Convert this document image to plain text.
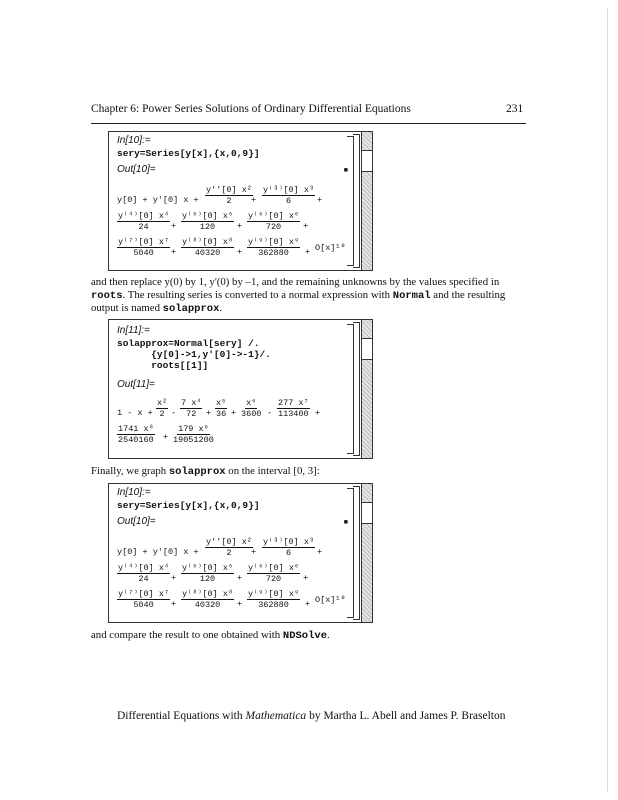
Chapter 6: Power Series Solutions of Ordinary Differential Equations	231
In[10]:=
sery=Series[y[x],{x,0,9}]
Out[10]=	■
y[0] + y'[0] $x + \frac{\text{y''[0] x²}}{2}$
+ $\frac{\text{y⁽³⁾[0] x³}}{6}$ +
$\frac{\text{y⁽⁴⁾[0] x⁴}}{24} + \frac{\text{y⁽⁵⁾[0] x⁵}}{120} + \frac{\text{y⁽⁶⁾[0] x⁶}}{720}$ +
$\frac{\text{y⁽⁷⁾[0] x⁷}}{5040} + \frac{\text{y⁽⁸⁾[0] x⁸}}{40320} + \frac{\text{y⁽⁹⁾[0] x⁹}}{362880} + O[x]^{10}$
and then replace y(0) by 1, y'(0) by –1, and the remaining unknowns by the values specified in roots. The resulting series is converted to a normal expression with Normal and the resulting output is named solapprox.
In[11]:=
solapprox=Normal[sery] /.
{y[0]->1,y'[0]->-1}/.
roots[[1]]
Out[11]=
$1 - x + \frac{\text{x²}}{2} - \frac{\text{7 x⁴}}{72} + \frac{\text{x⁵}}{36} + \frac{\text{x⁶}}{3600} - \frac{\text{277 x⁷}}{113400}$ +
$\frac{\text{1741 x⁸}}{2540160} + \frac{\text{179 x⁹}}{19051200}$
Finally, we graph solapprox on the interval [0, 3]:
In[10]:=
sery=Series[y[x],{x,0,9}]
Out[10]=	■
y[0] + y'[0] $x + \frac{\text{y''[0] x²}}{2}$
+ $\frac{\text{y⁽³⁾[0] x³}}{6}$ +
$\frac{\text{y⁽⁴⁾[0] x⁴}}{24} + \frac{\text{y⁽⁵⁾[0] x⁵}}{120} + \frac{\text{y⁽⁶⁾[0] x⁶}}{720}$ +
$\frac{\text{y⁽⁷⁾[0] x⁷}}{5040} + \frac{\text{y⁽⁸⁾[0] x⁸}}{40320} + \frac{\text{y⁽⁹⁾[0] x⁹}}{362880} + O[x]^{10}$
and compare the result to one obtained with NDSolve.
Differential Equations with Mathematica by Martha L. Abell and James P. Braselton
